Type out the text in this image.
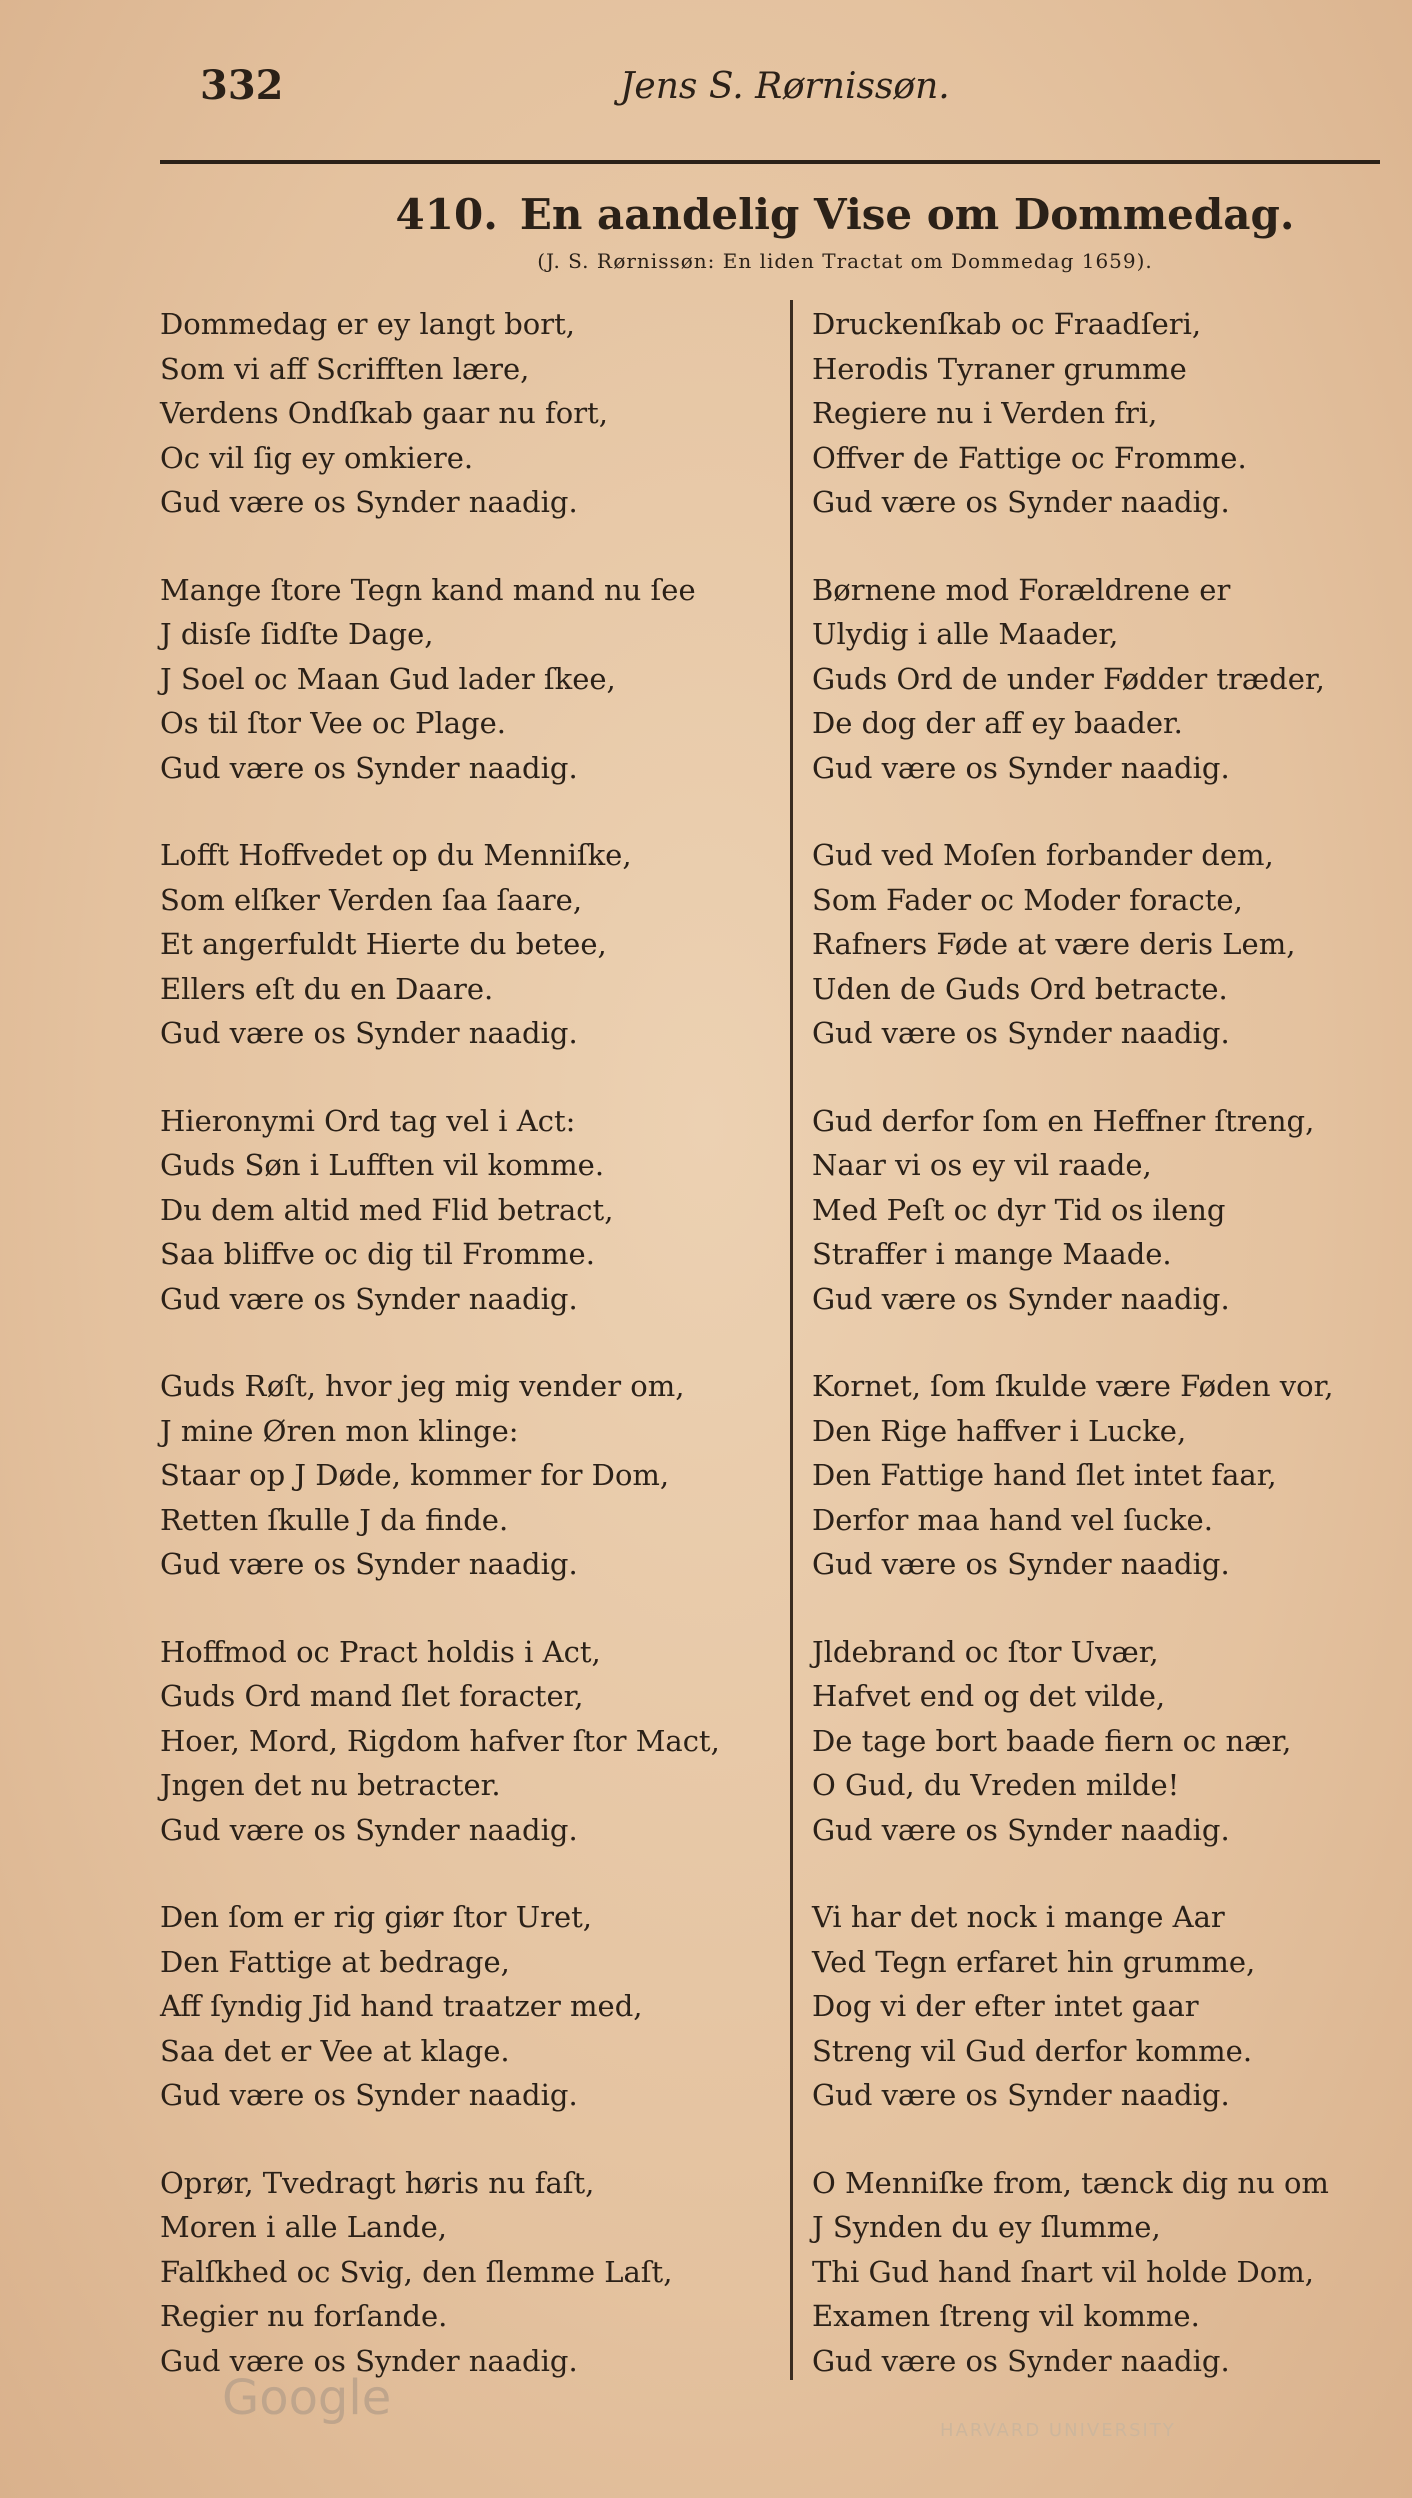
332	Jens S. Rørnissøn.
410. En aandelig Vise om Dommedag.
(J. S. Rørnissøn: En liden Tractat om Dommedag 1659).
Dommedag er ey langt bort,
Som vi aff Scrifften lære,
Verdens Ondſkab gaar nu fort,
Oc vil ſig ey omkiere.
Gud være os Synder naadig.
Mange ſtore Tegn kand mand nu ſee
J disſe ſidſte Dage,
J Soel oc Maan Gud lader ſkee,
Os til ſtor Vee oc Plage.
Gud være os Synder naadig.
Lofft Hoffvedet op du Menniſke,
Som elſker Verden ſaa ſaare,
Et angerfuldt Hierte du betee,
Ellers eſt du en Daare.
Gud være os Synder naadig.
Hieronymi Ord tag vel i Act:
Guds Søn i Lufften vil komme.
Du dem altid med Flid betract,
Saa bliffve oc dig til Fromme.
Gud være os Synder naadig.
Guds Røſt, hvor jeg mig vender om,
J mine Øren mon klinge:
Staar op J Døde, kommer for Dom,
Retten ſkulle J da finde.
Gud være os Synder naadig.
Hoffmod oc Pract holdis i Act,
Guds Ord mand ſlet foracter,
Hoer, Mord, Rigdom hafver ſtor Mact,
Jngen det nu betracter.
Gud være os Synder naadig.
Den ſom er rig giør ſtor Uret,
Den Fattige at bedrage,
Aff ſyndig Jid hand traatzer med,
Saa det er Vee at klage.
Gud være os Synder naadig.
Oprør, Tvedragt høris nu faſt,
Moren i alle Lande,
Falſkhed oc Svig, den ſlemme Laſt,
Regier nu forſande.
Gud være os Synder naadig.
Druckenſkab oc Fraadſeri,
Herodis Tyraner grumme
Regiere nu i Verden fri,
Offver de Fattige oc Fromme.
Gud være os Synder naadig.
Børnene mod Forældrene er
Ulydig i alle Maader,
Guds Ord de under Fødder træder,
De dog der aff ey baader.
Gud være os Synder naadig.
Gud ved Moſen forbander dem,
Som Fader oc Moder foracte,
Rafners Føde at være deris Lem,
Uden de Guds Ord betracte.
Gud være os Synder naadig.
Gud derfor ſom en Heffner ſtreng,
Naar vi os ey vil raade,
Med Peſt oc dyr Tid os ileng
Straffer i mange Maade.
Gud være os Synder naadig.
Kornet, ſom ſkulde være Føden vor,
Den Rige haffver i Lucke,
Den Fattige hand ſlet intet faar,
Derfor maa hand vel ſucke.
Gud være os Synder naadig.
Jldebrand oc ſtor Uvær,
Hafvet end og det vilde,
De tage bort baade fiern oc nær,
O Gud, du Vreden milde!
Gud være os Synder naadig.
Vi har det nock i mange Aar
Ved Tegn erfaret hin grumme,
Dog vi der efter intet gaar
Streng vil Gud derfor komme.
Gud være os Synder naadig.
O Menniſke from, tænck dig nu om
J Synden du ey ſlumme,
Thi Gud hand ſnart vil holde Dom,
Examen ſtreng vil komme.
Gud være os Synder naadig.
Google
HARVARD UNIVERSITY
